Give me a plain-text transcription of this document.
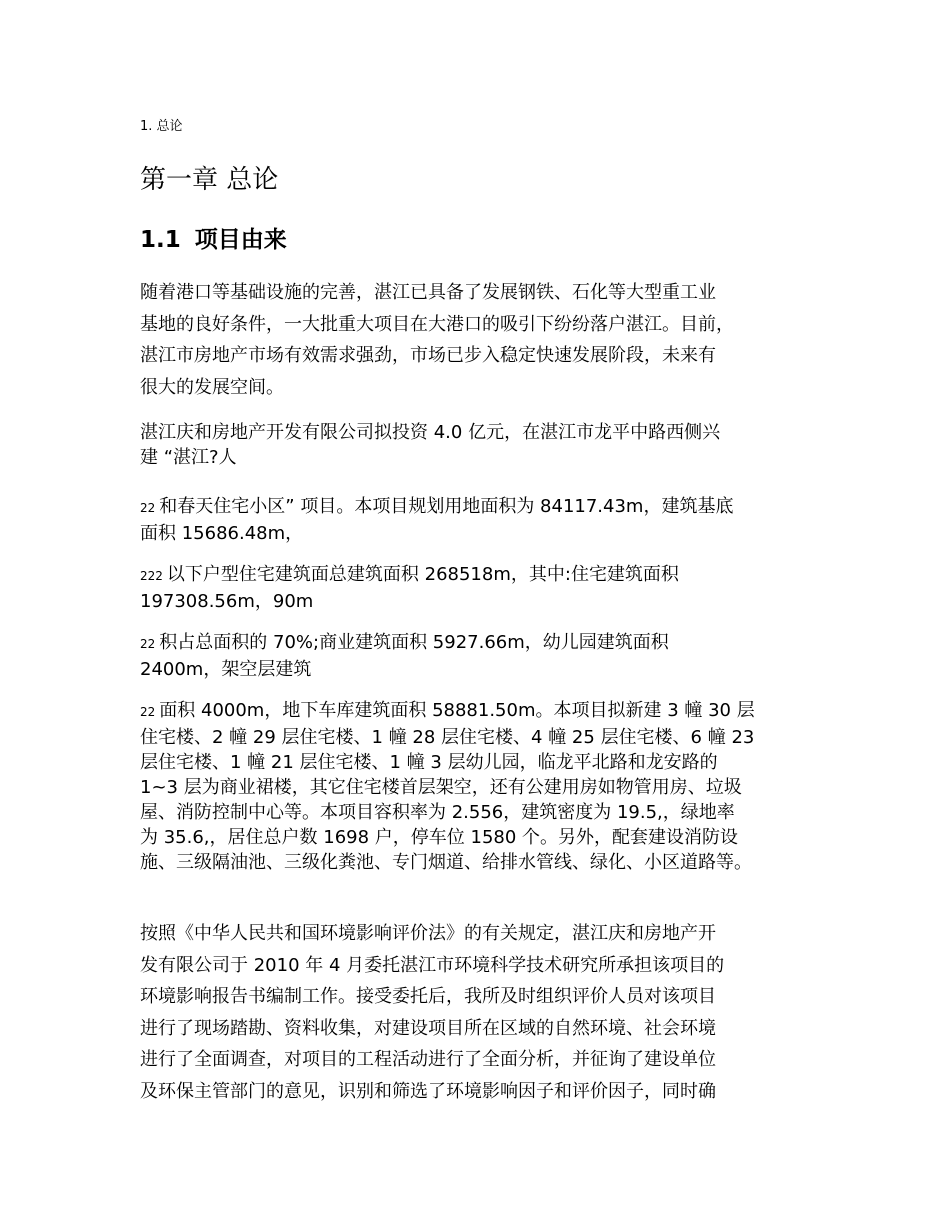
1. 总论
第一章 总论
1.1 项目由来

随着港口等基础设施的完善，湛江已具备了发展钢铁、石化等大型重工业
基地的良好条件，一大批重大项目在大港口的吸引下纷纷落户湛江。目前，
湛江市房地产市场有效需求强劲，市场已步入稳定快速发展阶段，未来有
很大的发展空间。

湛江庆和房地产开发有限公司拟投资 4.0 亿元，在湛江市龙平中路西侧兴
建 “湛江?人

22 和春天住宅小区” 项目。本项目规划用地面积为 84117.43m，建筑基底
面积 15686.48m，

222 以下户型住宅建筑面总建筑面积 268518m，其中:住宅建筑面积
197308.56m，90m

22 积占总面积的 70%;商业建筑面积 5927.66m，幼儿园建筑面积
2400m，架空层建筑

22 面积 4000m，地下车库建筑面积 58881.50m。本项目拟新建 3 幢 30 层
住宅楼、2 幢 29 层住宅楼、1 幢 28 层住宅楼、4 幢 25 层住宅楼、6 幢 23
层住宅楼、1 幢 21 层住宅楼、1 幢 3 层幼儿园，临龙平北路和龙安路的
1~3 层为商业裙楼，其它住宅楼首层架空，还有公建用房如物管用房、垃圾
屋、消防控制中心等。本项目容积率为 2.556，建筑密度为 19.5,，绿地率
为 35.6,，居住总户数 1698 户，停车位 1580 个。另外，配套建设消防设
施、三级隔油池、三级化粪池、专门烟道、给排水管线、绿化、小区道路等。

按照《中华人民共和国环境影响评价法》的有关规定，湛江庆和房地产开
发有限公司于 2010 年 4 月委托湛江市环境科学技术研究所承担该项目的
环境影响报告书编制工作。接受委托后，我所及时组织评价人员对该项目
进行了现场踏勘、资料收集，对建设项目所在区域的自然环境、社会环境
进行了全面调查，对项目的工程活动进行了全面分析，并征询了建设单位
及环保主管部门的意见，识别和筛选了环境影响因子和评价因子，同时确
